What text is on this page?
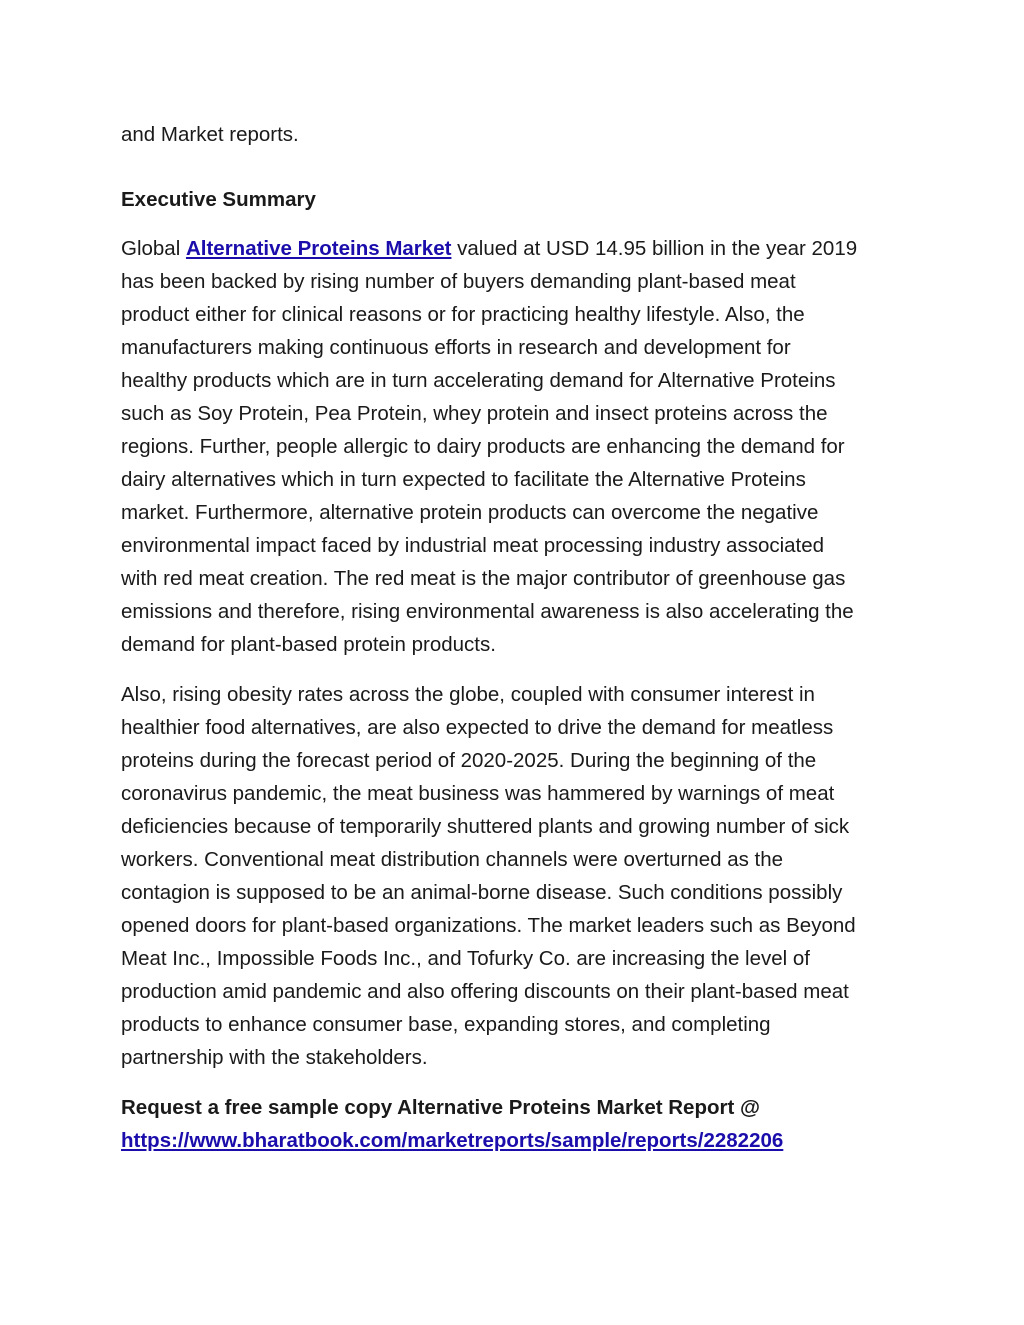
and Market reports.

Executive Summary

Global Alternative Proteins Market valued at USD 14.95 billion in the year 2019
has been backed by rising number of buyers demanding plant-based meat
product either for clinical reasons or for practicing healthy lifestyle. Also, the
manufacturers making continuous efforts in research and development for
healthy products which are in turn accelerating demand for Alternative Proteins
such as Soy Protein, Pea Protein, whey protein and insect proteins across the
regions. Further, people allergic to dairy products are enhancing the demand for
dairy alternatives which in turn expected to facilitate the Alternative Proteins
market. Furthermore, alternative protein products can overcome the negative
environmental impact faced by industrial meat processing industry associated
with red meat creation. The red meat is the major contributor of greenhouse gas
emissions and therefore, rising environmental awareness is also accelerating the
demand for plant-based protein products.
Also, rising obesity rates across the globe, coupled with consumer interest in
healthier food alternatives, are also expected to drive the demand for meatless
proteins during the forecast period of 2020-2025. During the beginning of the
coronavirus pandemic, the meat business was hammered by warnings of meat
deficiencies because of temporarily shuttered plants and growing number of sick
workers. Conventional meat distribution channels were overturned as the
contagion is supposed to be an animal-borne disease. Such conditions possibly
opened doors for plant-based organizations. The market leaders such as Beyond
Meat Inc., Impossible Foods Inc., and Tofurky Co. are increasing the level of
production amid pandemic and also offering discounts on their plant-based meat
products to enhance consumer base, expanding stores, and completing
partnership with the stakeholders.
Request a free sample copy Alternative Proteins Market Report @
https://www.bharatbook.com/marketreports/sample/reports/2282206
